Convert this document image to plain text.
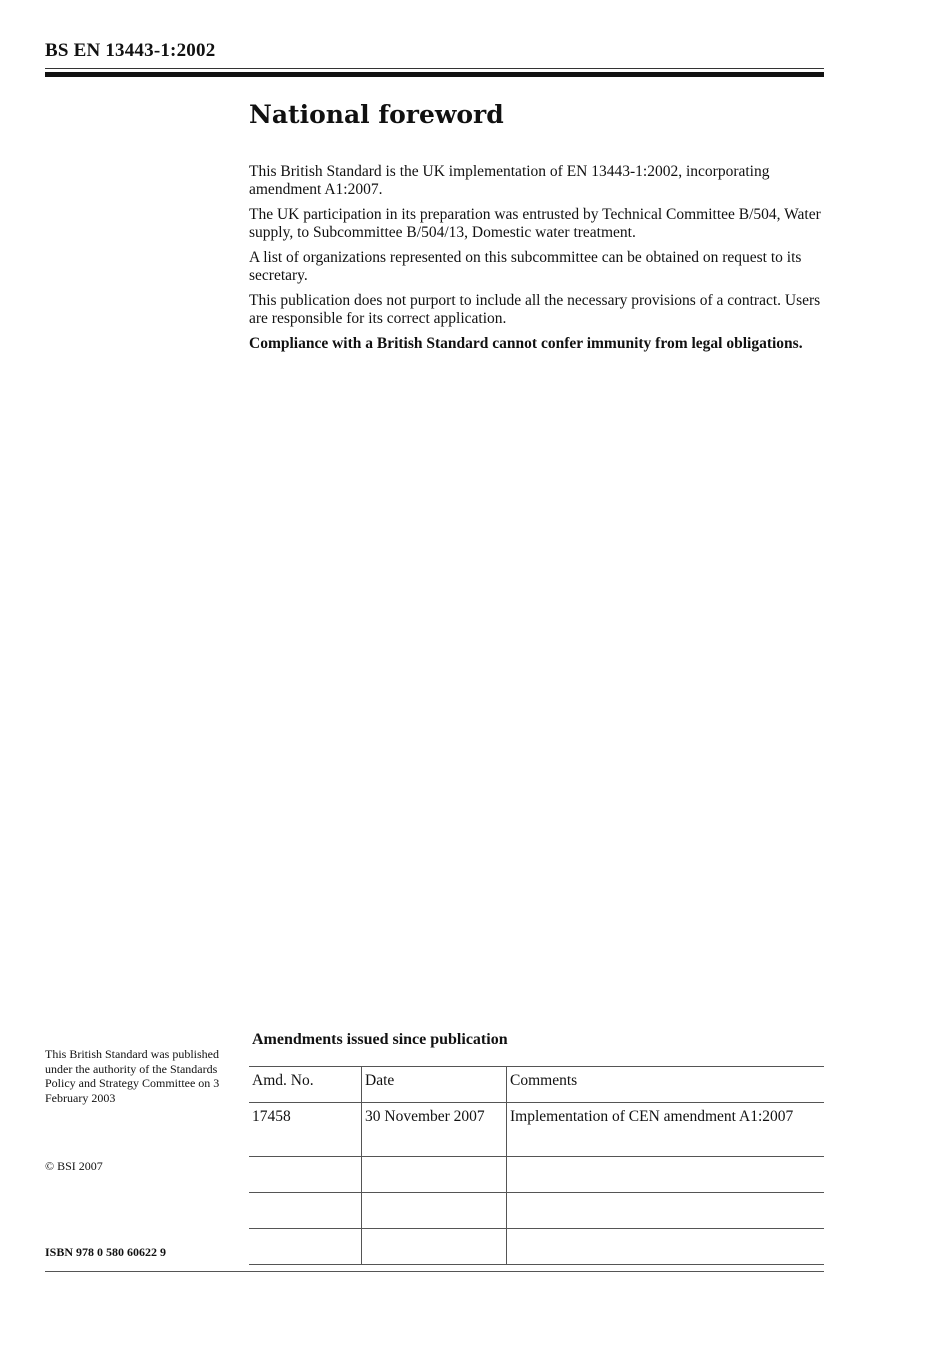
BS EN 13443-1:2002
National foreword

This British Standard is the UK implementation of EN 13443-1:2002, incorporating amendment A1:2007.

The UK participation in its preparation was entrusted by Technical Committee B/504, Water supply, to Subcommittee B/504/13, Domestic water treatment.

A list of organizations represented on this subcommittee can be obtained on request to its secretary.

This publication does not purport to include all the necessary provisions of a contract. Users are responsible for its correct application.

Compliance with a British Standard cannot confer immunity from legal obligations.

This British Standard was published under the authority of the Standards Policy and Strategy Committee on 3 February 2003

© BSI 2007

ISBN 978 0 580 60622 9
Amendments issued since publication
Amd. No.	Date	Comments
17458	30 November 2007	Implementation of CEN amendment A1:2007
